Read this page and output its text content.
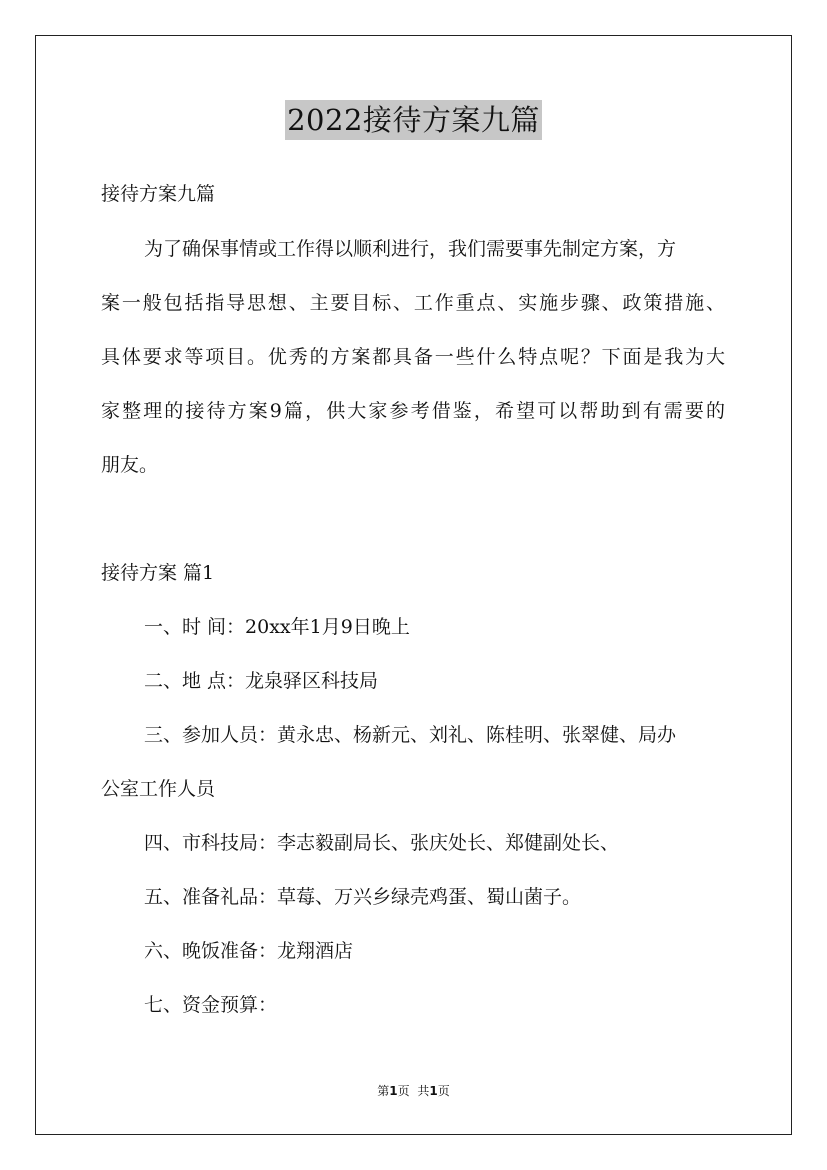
2022接待方案九篇
接待方案九篇
为了确保事情或工作得以顺利进行，我们需要事先制定方案，方
案一般包括指导思想、主要目标、工作重点、实施步骤、政策措施、
具体要求等项目。优秀的方案都具备一些什么特点呢？下面是我为大
家整理的接待方案9篇，供大家参考借鉴，希望可以帮助到有需要的
朋友。
接待方案 篇1
一、时 间：20xx年1月9日晚上
二、地 点：龙泉驿区科技局
三、参加人员：黄永忠、杨新元、刘礼、陈桂明、张翠健、局办
公室工作人员
四、市科技局：李志毅副局长、张庆处长、郑健副处长、
五、准备礼品：草莓、万兴乡绿壳鸡蛋、蜀山菌子。
六、晚饭准备：龙翔酒店
七、资金预算：
第1页 共1页
